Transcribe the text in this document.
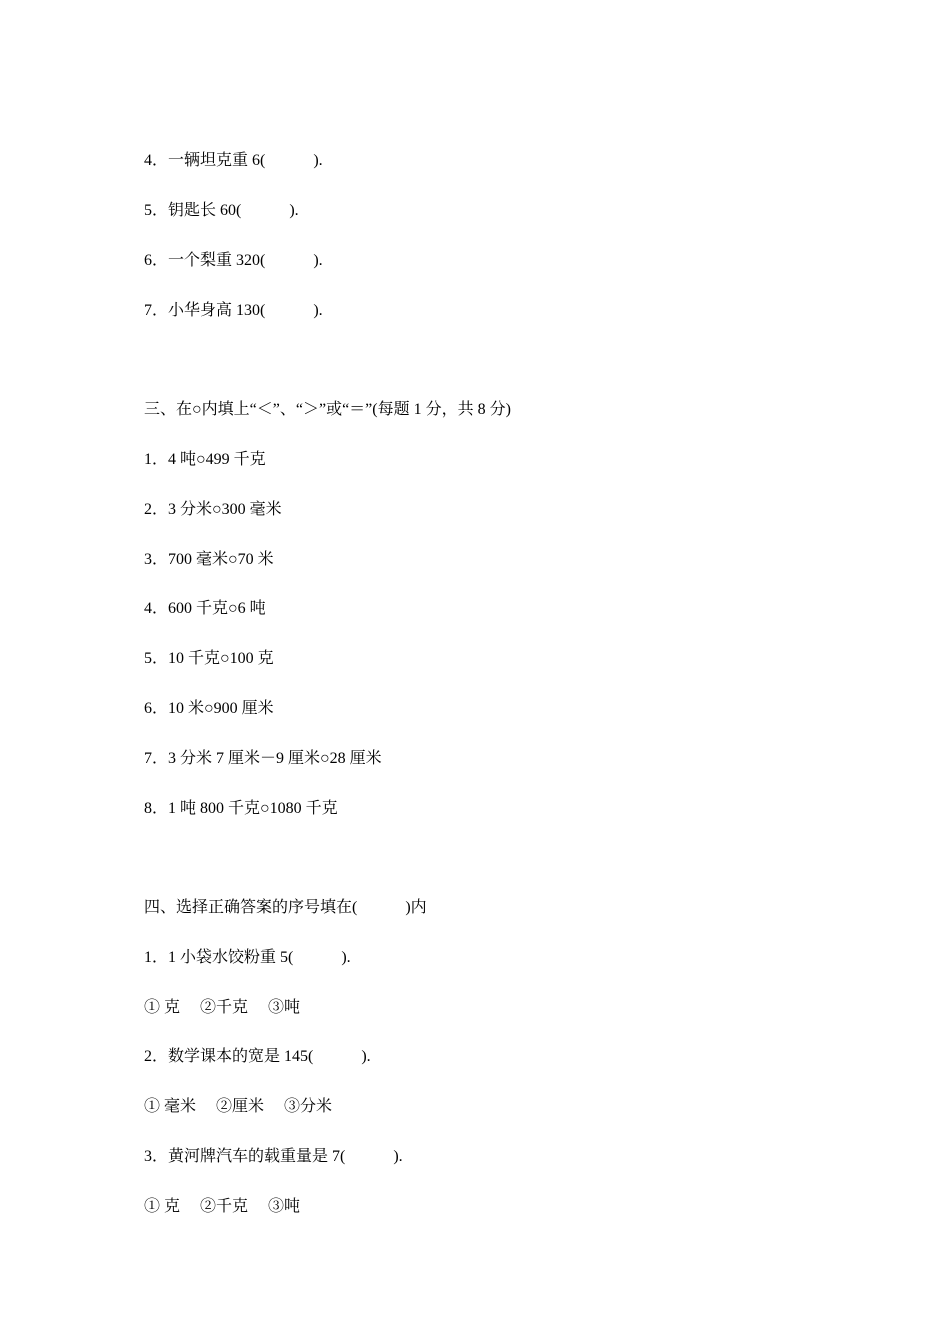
4．一辆坦克重 6(　　　).
5．钥匙长 60(　　　).
6．一个梨重 320(　　　).
7．小华身高 130(　　　).
三、在○内填上“＜”、“＞”或“＝”(每题 1 分，共 8 分)
1．4 吨○499 千克
2．3 分米○300 毫米
3．700 毫米○70 米
4．600 千克○6 吨
5．10 千克○100 克
6．10 米○900 厘米
7．3 分米 7 厘米－9 厘米○28 厘米
8．1 吨 800 千克○1080 千克
四、选择正确答案的序号填在(　　　)内
1．1 小袋水饺粉重 5(　　　).
① 克　 ②千克　 ③吨
2．数学课本的宽是 145(　　　).
① 毫米　 ②厘米　 ③分米
3．黄河牌汽车的载重量是 7(　　　).
① 克　 ②千克　 ③吨
